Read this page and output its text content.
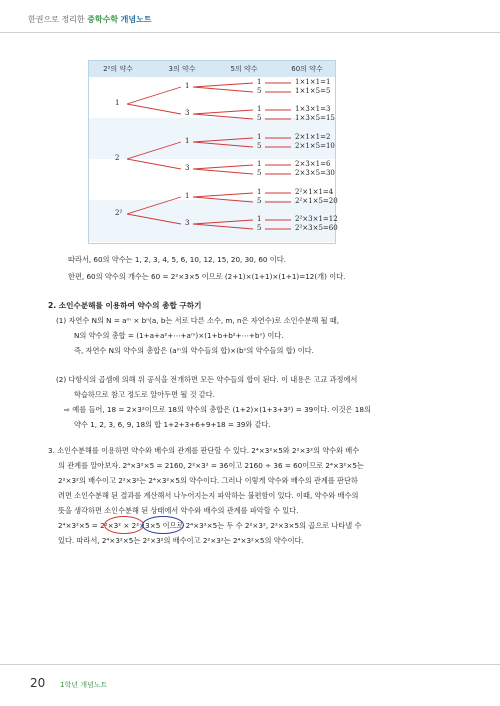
한권으로 정리한 중학수학 개념노트
2²의 약수	3의 약수	5의 약수	60의 약수
1
1	1	1×1×1=1
5	1×1×5=5
3	1	1×3×1=3
5	1×3×5=15
2
1	1	2×1×1=2
5	2×1×5=10
3	1	2×3×1=6
5	2×3×5=30
2²
1	1	2²×1×1=4
5	2²×1×5=20
3	1	2²×3×1=12
5	2²×3×5=60
따라서, 60의 약수는 1, 2, 3, 4, 5, 6, 10, 12, 15, 20, 30, 60 이다.
한편, 60의 약수의 개수는 60 = 2²×3×5 이므로 (2+1)×(1+1)×(1+1)=12(개) 이다.
2. 소인수분해를 이용하여 약수의 총합 구하기
(1) 자연수 N의 N = aᵐ × bⁿ(a, b는 서로 다른 소수, m, n은 자연수)로 소인수분해 될 때,
N의 약수의 총합 = (1+a+a²+⋯+aᵐ)×(1+b+b²+⋯+bⁿ) 이다.
즉, 자연수 N의 약수의 총합은 (aᵐ의 약수들의 합)×(bⁿ의 약수들의 합) 이다.
(2) 다항식의 곱셈에 의해 위 공식을 전개하면 모든 약수들의 합이 된다. 이 내용은 고교 과정에서
학습하므로 참고 정도로 알아두면 될 것 같다.
⇨ 예를 들어, 18 = 2×3²이므로 18의 약수의 총합은 (1+2)×(1+3+3²) = 39이다. 이것은 18의
약수 1, 2, 3, 6, 9, 18의 합 1+2+3+6+9+18 = 39와 같다.
3. 소인수분해를 이용하면 약수와 배수의 관계를 판단할 수 있다. 2⁴×3²×5와 2²×3²의 약수와 배수
의 관계를 알아보자. 2⁴×3²×5 = 2160, 2²×3² = 36이고 2160 ÷ 36 = 60이므로 2⁴×3²×5는
2²×3²의 배수이고 2²×3²는 2⁴×3²×5의 약수이다. 그러나 이렇게 약수와 배수의 관계를 판단하
려면 소인수분해 된 결과를 계산해서 나누어지는지 파악하는 불편함이 있다. 이때, 약수와 배수의
뜻을 생각하면 소인수분해 된 상태에서 약수와 배수의 관계를 파악할 수 있다.
2⁴×3²×5 = 2²×3² × 2²×3×5 이므로 2⁴×3²×5는 두 수 2²×3², 2²×3×5의 곱으로 나타낼 수
있다. 따라서, 2⁴×3²×5는 2²×3²의 배수이고 2²×3²는 2⁴×3²×5의 약수이다.
20 1학년 개념노트
